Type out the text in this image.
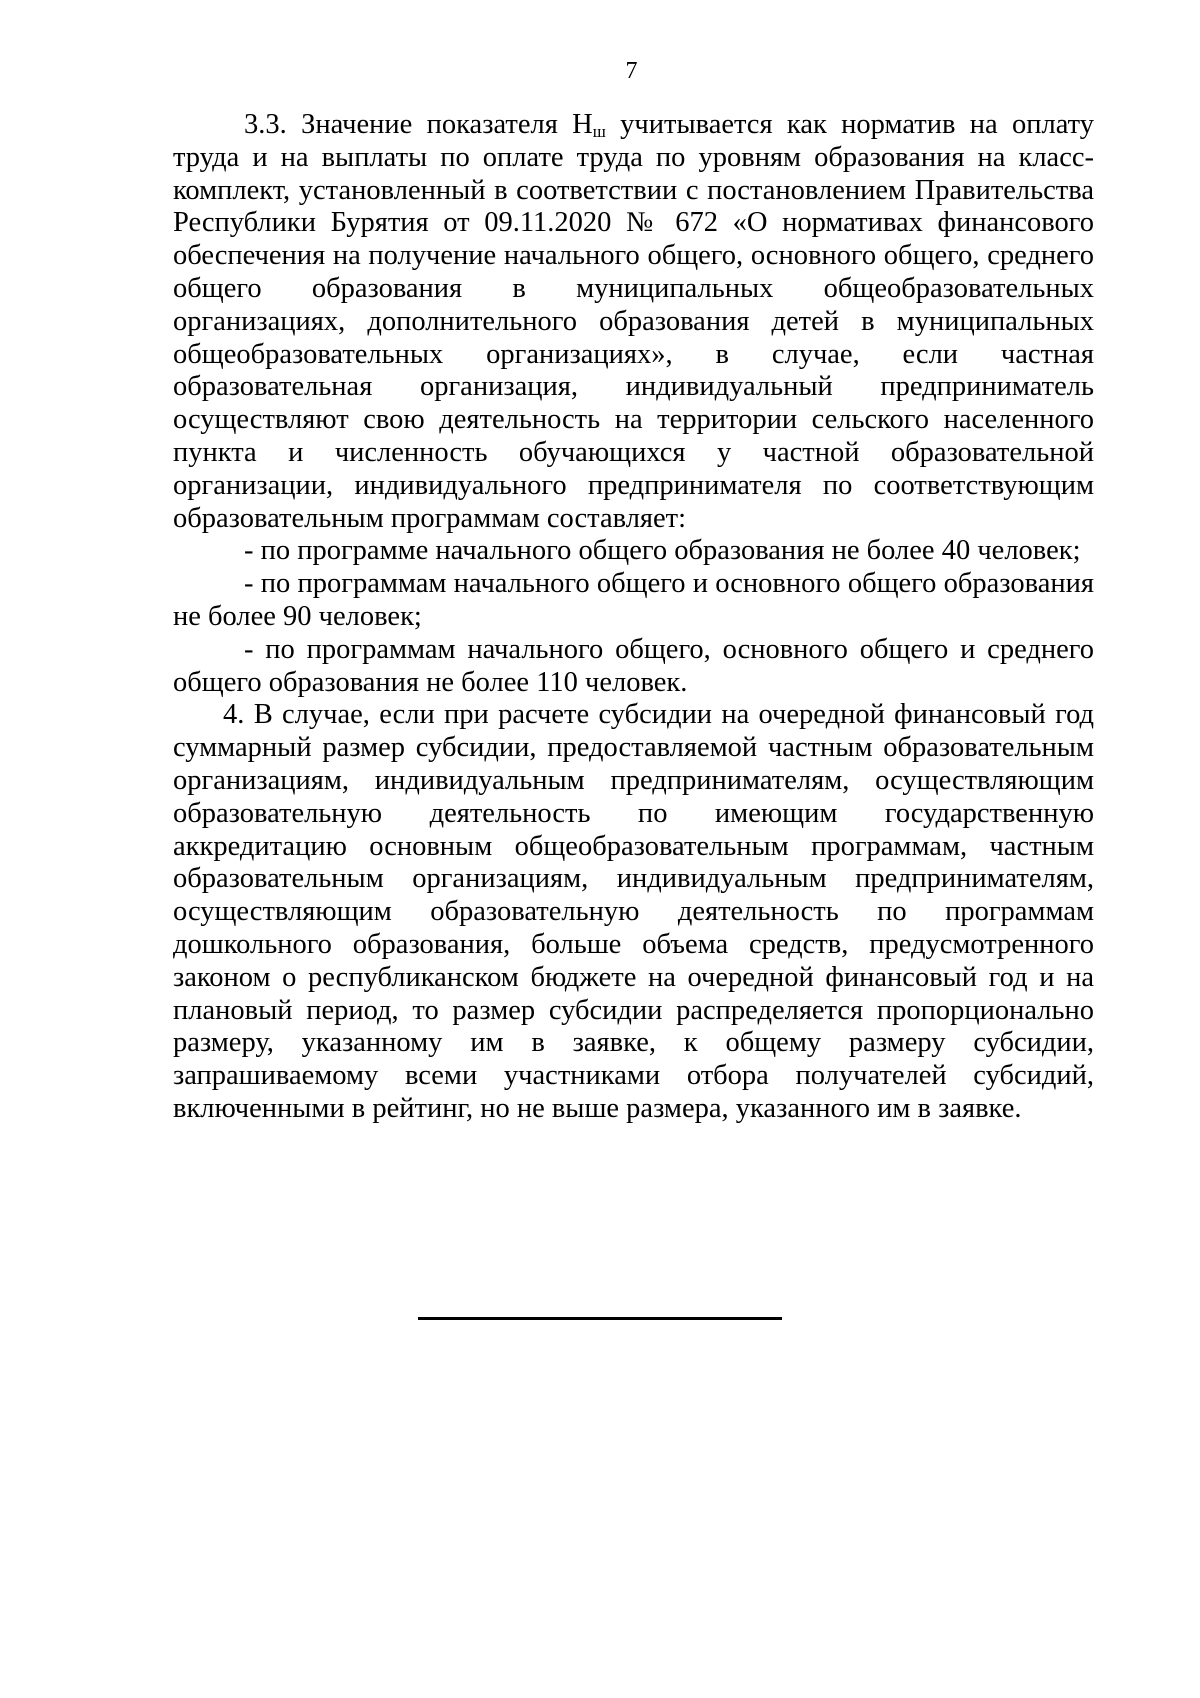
7

3.3. Значение показателя $Н_ш$ учитывается как норматив на оплату труда и на выплаты по оплате труда по уровням образования на класс-комплект, установленный в соответствии с постановлением Правительства Республики Бурятия от 09.11.2020 № 672 «О нормативах финансового обеспечения на получение начального общего, основного общего, среднего общего образования в муниципальных общеобразовательных организациях, дополнительного образования детей в муниципальных общеобразовательных организациях», в случае, если частная образовательная организация, индивидуальный предприниматель осуществляют свою деятельность на территории сельского населенного пункта и численность обучающихся у частной образовательной организации, индивидуального предпринимателя по соответствующим образовательным программам составляет:

- по программе начального общего образования не более 40 человек;

- по программам начального общего и основного общего образования не более 90 человек;

- по программам начального общего, основного общего и среднего общего образования не более 110 человек.

4. В случае, если при расчете субсидии на очередной финансовый год суммарный размер субсидии, предоставляемой частным образовательным организациям, индивидуальным предпринимателям, осуществляющим образовательную деятельность по имеющим государственную аккредитацию основным общеобразовательным программам, частным образовательным организациям, индивидуальным предпринимателям, осуществляющим образовательную деятельность по программам дошкольного образования, больше объема средств, предусмотренного законом о республиканском бюджете на очередной финансовый год и на плановый период, то размер субсидии распределяется пропорционально размеру, указанному им в заявке, к общему размеру субсидии, запрашиваемому всеми участниками отбора получателей субсидий, включенными в рейтинг, но не выше размера, указанного им в заявке.
